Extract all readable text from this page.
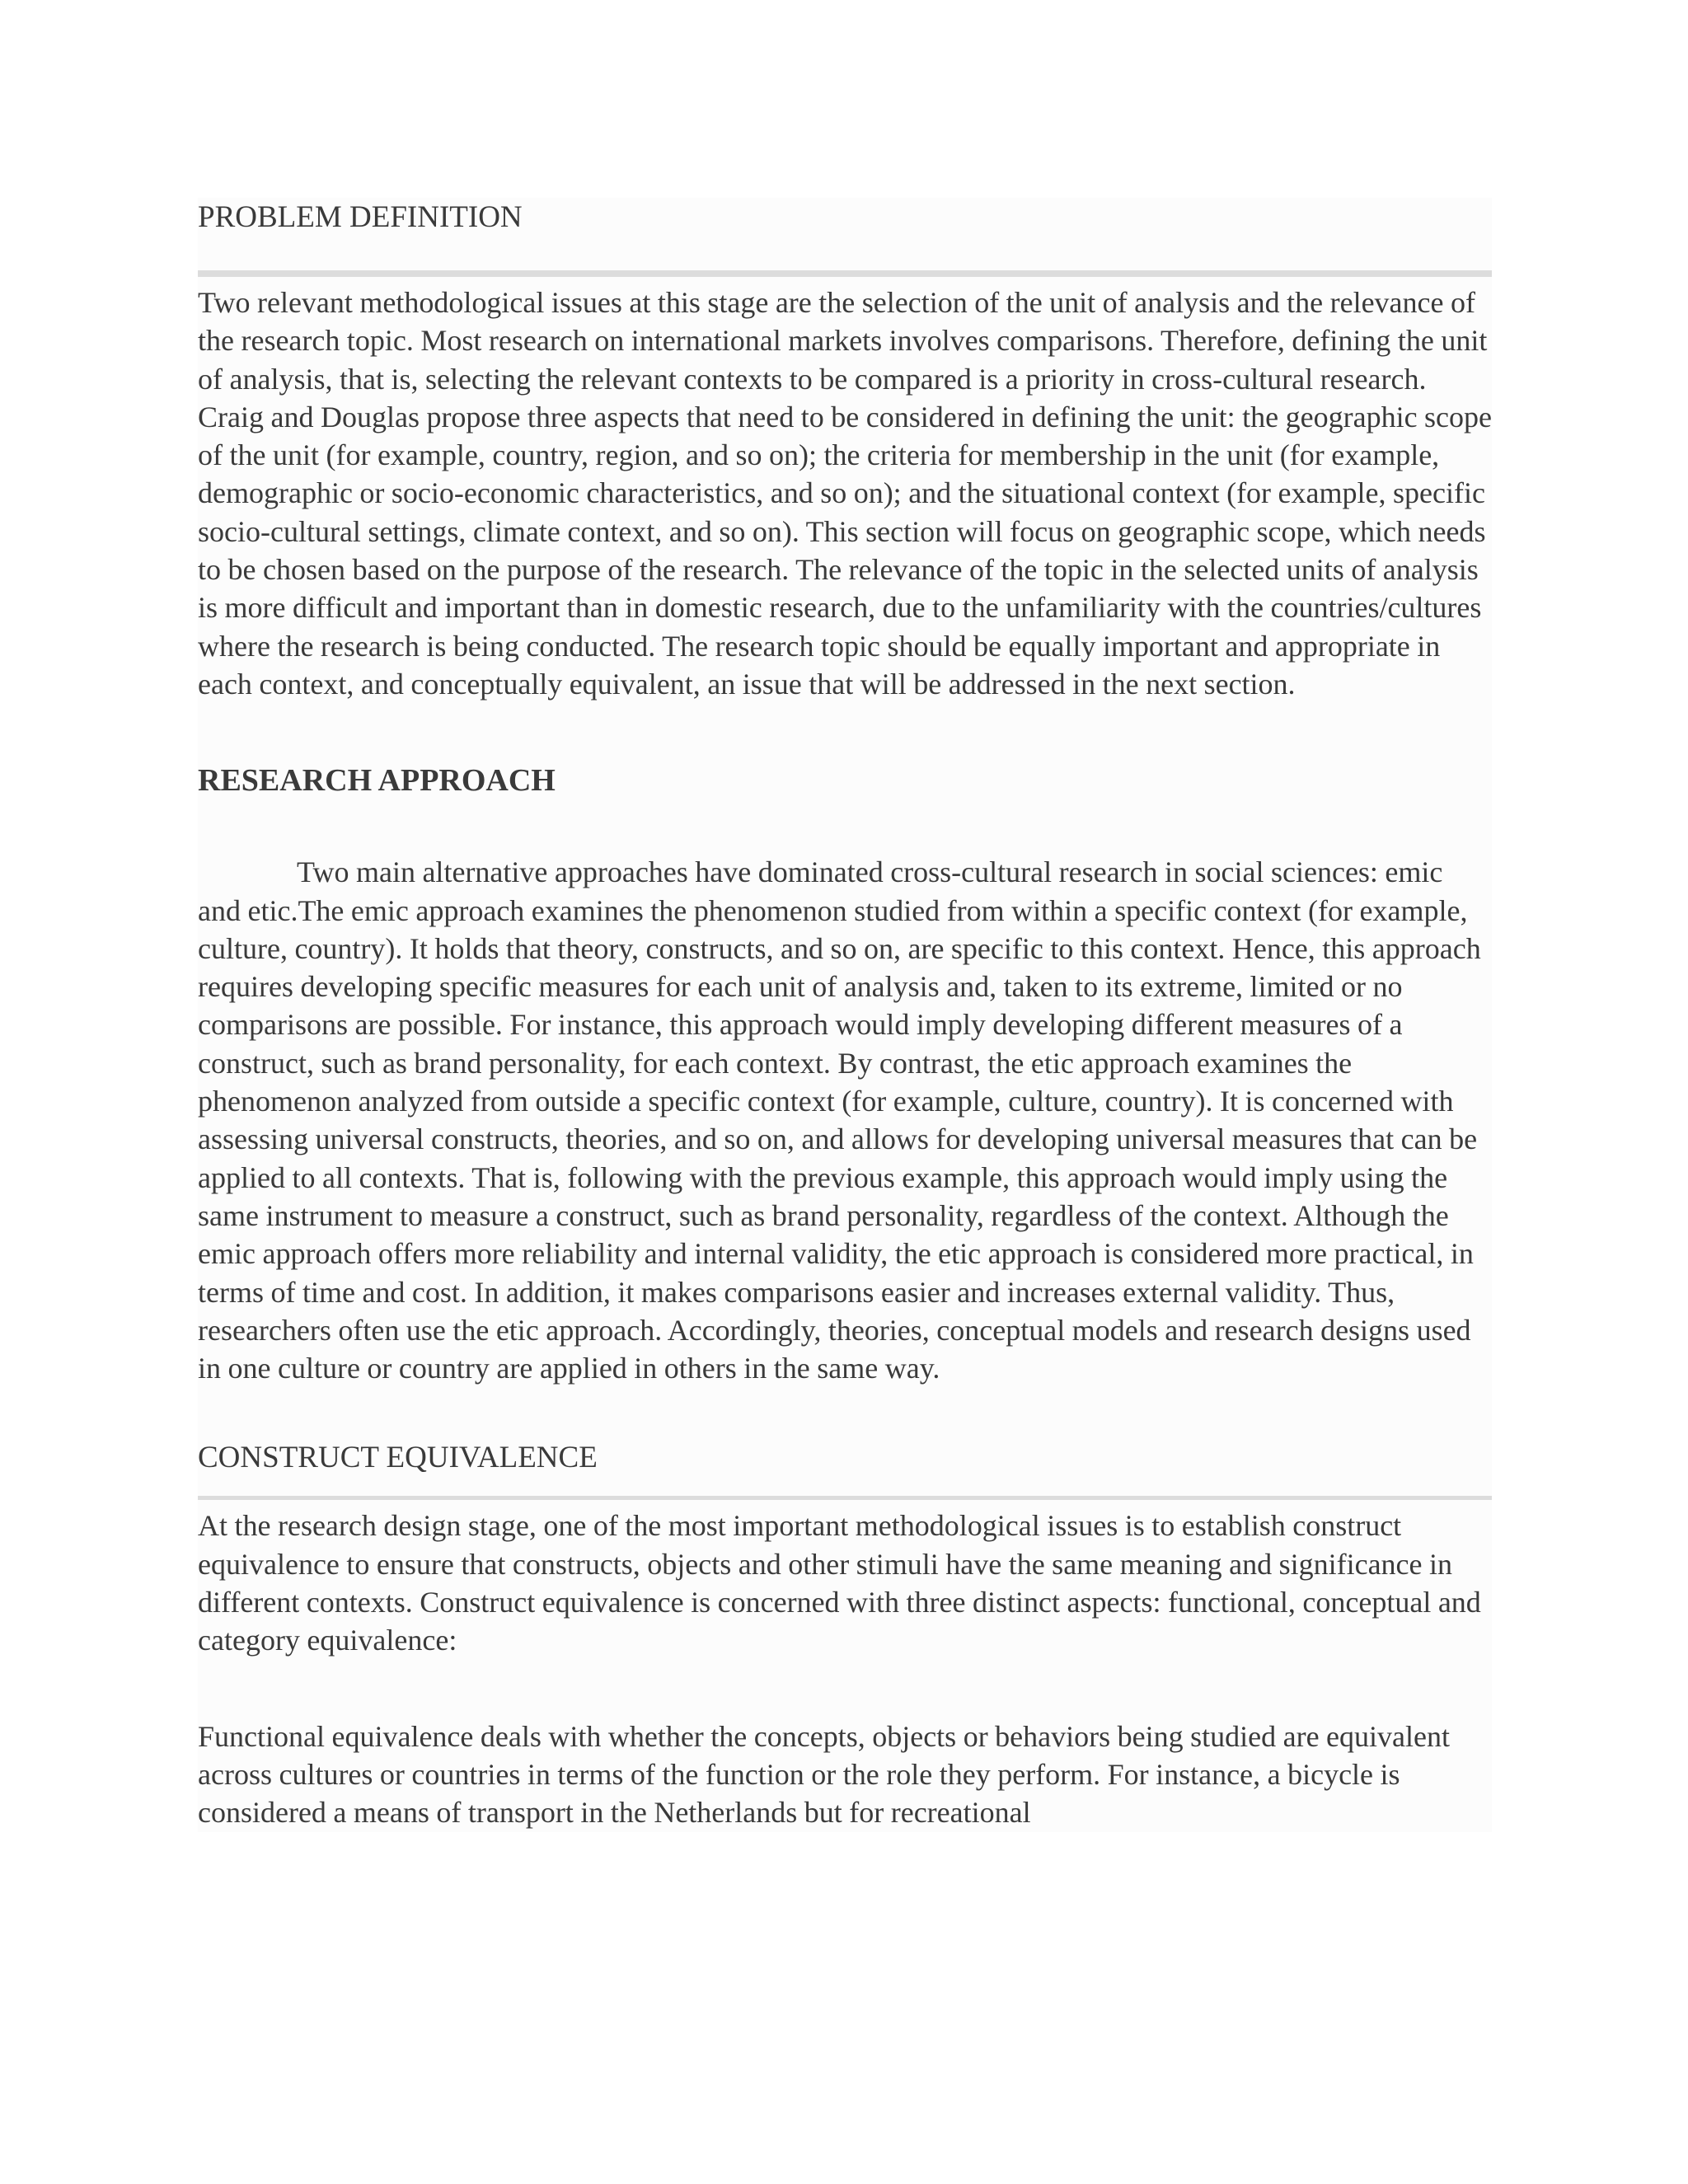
PROBLEM DEFINITION

Two relevant methodological issues at this stage are the selection of the unit of analysis and the relevance of the research topic. Most research on international markets involves comparisons. Therefore, defining the unit of analysis, that is, selecting the relevant contexts to be compared is a priority in cross-cultural research. Craig and Douglas propose three aspects that need to be considered in defining the unit: the geographic scope of the unit (for example, country, region, and so on); the criteria for membership in the unit (for example, demographic or socio-economic characteristics, and so on); and the situational context (for example, specific socio-cultural settings, climate context, and so on). This section will focus on geographic scope, which needs to be chosen based on the purpose of the research. The relevance of the topic in the selected units of analysis is more difficult and important than in domestic research, due to the unfamiliarity with the countries/cultures where the research is being conducted. The research topic should be equally important and appropriate in each context, and conceptually equivalent, an issue that will be addressed in the next section.

RESEARCH APPROACH

Two main alternative approaches have dominated cross-cultural research in social sciences: emic and etic.The emic approach examines the phenomenon studied from within a specific context (for example, culture, country). It holds that theory, constructs, and so on, are specific to this context. Hence, this approach requires developing specific measures for each unit of analysis and, taken to its extreme, limited or no comparisons are possible. For instance, this approach would imply developing different measures of a construct, such as brand personality, for each context. By contrast, the etic approach examines the phenomenon analyzed from outside a specific context (for example, culture, country). It is concerned with assessing universal constructs, theories, and so on, and allows for developing universal measures that can be applied to all contexts. That is, following with the previous example, this approach would imply using the same instrument to measure a construct, such as brand personality, regardless of the context. Although the emic approach offers more reliability and internal validity, the etic approach is considered more practical, in terms of time and cost. In addition, it makes comparisons easier and increases external validity. Thus, researchers often use the etic approach. Accordingly, theories, conceptual models and research designs used in one culture or country are applied in others in the same way.

CONSTRUCT EQUIVALENCE

At the research design stage, one of the most important methodological issues is to establish construct equivalence to ensure that constructs, objects and other stimuli have the same meaning and significance in different contexts. Construct equivalence is concerned with three distinct aspects: functional, conceptual and category equivalence:

Functional equivalence deals with whether the concepts, objects or behaviors being studied are equivalent across cultures or countries in terms of the function or the role they perform. For instance, a bicycle is considered a means of transport in the Netherlands but for recreational
